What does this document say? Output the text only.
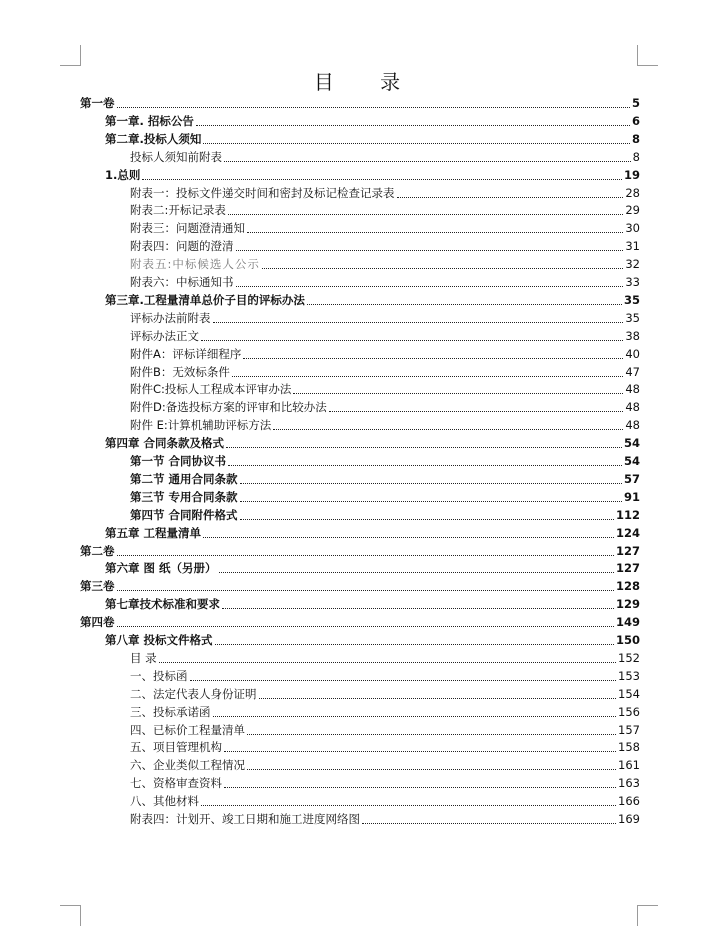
目 录
第一卷	5
第一章. 招标公告	6
第二章.投标人须知	8
投标人须知前附表	8
1.总则	19
附表一：投标文件递交时间和密封及标记检查记录表	28
附表二:开标记录表	29
附表三：问题澄清通知	30
附表四：问题的澄清	31
附表五:中标候选人公示	32
附表六：中标通知书	33
第三章.工程量清单总价子目的评标办法	35
评标办法前附表	35
评标办法正文	38
附件A：评标详细程序	40
附件B：无效标条件	47
附件C:投标人工程成本评审办法	48
附件D:备选投标方案的评审和比较办法	48
附件 E:计算机辅助评标方法	48
第四章 合同条款及格式	54
第一节 合同协议书	54
第二节 通用合同条款	57
第三节 专用合同条款	91
第四节 合同附件格式	112
第五章 工程量清单	124
第二卷	127
第六章 图 纸（另册）	127
第三卷	128
第七章技术标准和要求	129
第四卷	149
第八章 投标文件格式	150
目 录	152
一、投标函	153
二、法定代表人身份证明	154
三、投标承诺函	156
四、已标价工程量清单	157
五、项目管理机构	158
六、企业类似工程情况	161
七、资格审查资料	163
八、其他材料	166
附表四：计划开、竣工日期和施工进度网络图	169
